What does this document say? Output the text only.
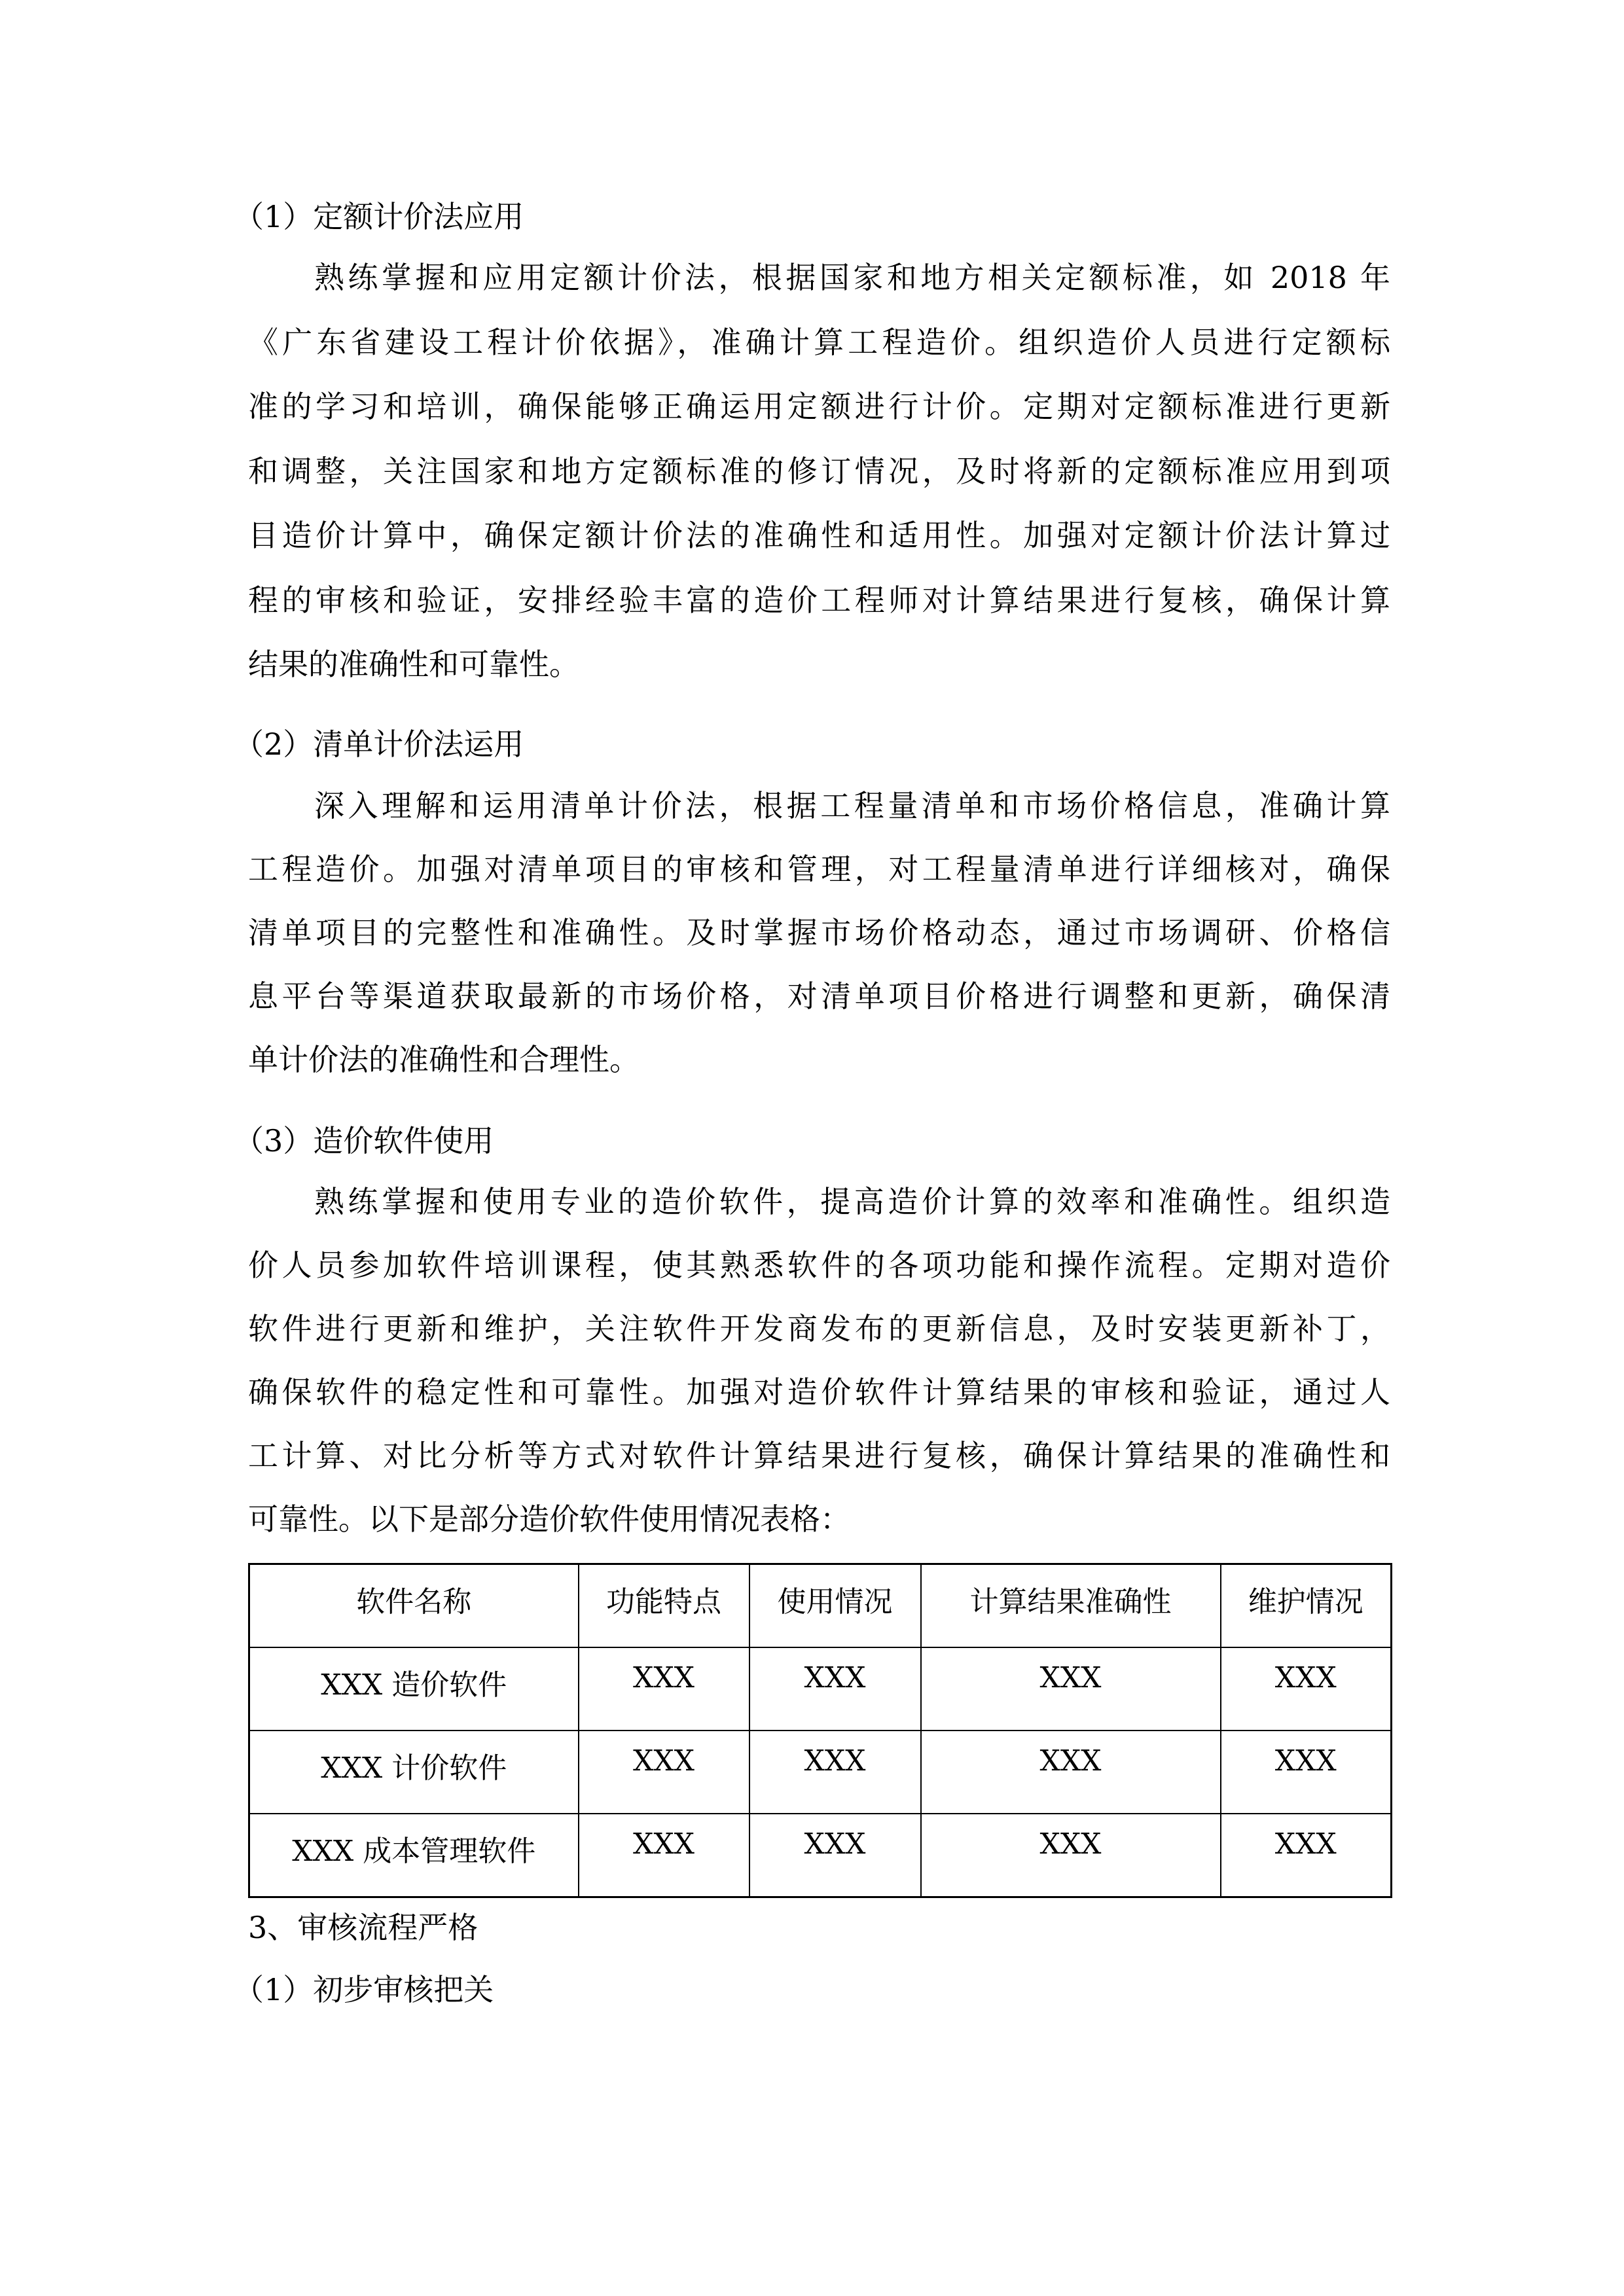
（1）定额计价法应用
熟练掌握和应用定额计价法，根据国家和地方相关定额标准，如 2018 年
《广东省建设工程计价依据》，准确计算工程造价。组织造价人员进行定额标
准的学习和培训，确保能够正确运用定额进行计价。定期对定额标准进行更新
和调整，关注国家和地方定额标准的修订情况，及时将新的定额标准应用到项
目造价计算中，确保定额计价法的准确性和适用性。加强对定额计价法计算过
程的审核和验证，安排经验丰富的造价工程师对计算结果进行复核，确保计算
结果的准确性和可靠性。
（2）清单计价法运用
深入理解和运用清单计价法，根据工程量清单和市场价格信息，准确计算
工程造价。加强对清单项目的审核和管理，对工程量清单进行详细核对，确保
清单项目的完整性和准确性。及时掌握市场价格动态，通过市场调研、价格信
息平台等渠道获取最新的市场价格，对清单项目价格进行调整和更新，确保清
单计价法的准确性和合理性。
（3）造价软件使用
熟练掌握和使用专业的造价软件，提高造价计算的效率和准确性。组织造
价人员参加软件培训课程，使其熟悉软件的各项功能和操作流程。定期对造价
软件进行更新和维护，关注软件开发商发布的更新信息，及时安装更新补丁，
确保软件的稳定性和可靠性。加强对造价软件计算结果的审核和验证，通过人
工计算、对比分析等方式对软件计算结果进行复核，确保计算结果的准确性和
可靠性。以下是部分造价软件使用情况表格：
软件名称	功能特点	使用情况	计算结果准确性	维护情况
XXX 造价软件	XXX	XXX	XXX	XXX
XXX 计价软件	XXX	XXX	XXX	XXX
XXX 成本管理软件	XXX	XXX	XXX	XXX
3、审核流程严格
（1）初步审核把关
